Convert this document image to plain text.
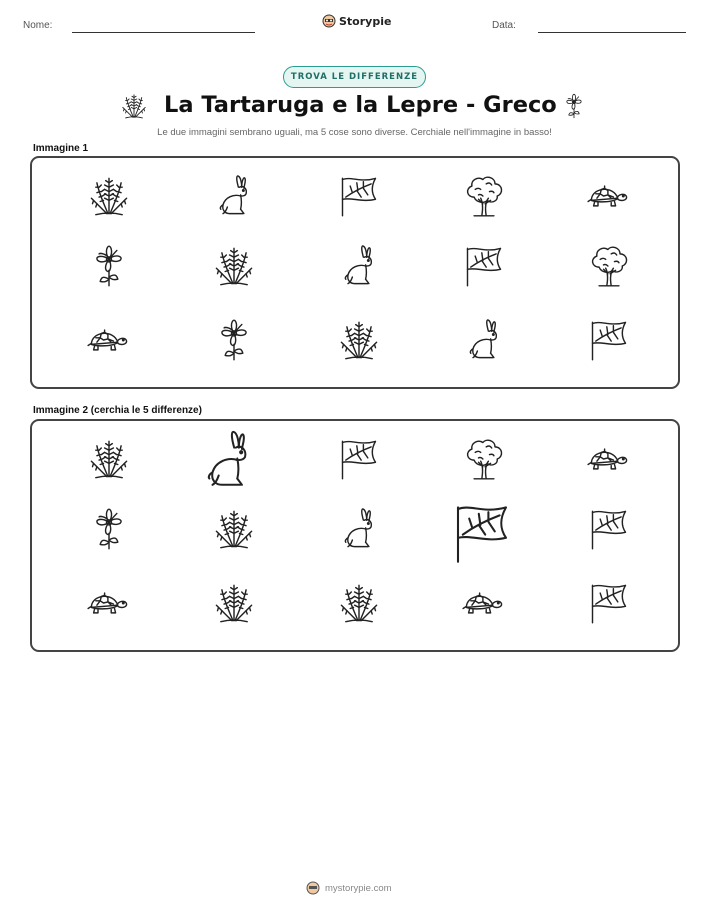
Nome:	Storypie	Data:
TROVA LE DIFFERENZE
La Tartaruga e la Lepre - Greco
Le due immagini sembrano uguali, ma 5 cose sono diverse. Cerchiale nell'immagine in basso!
Immagine 1
Immagine 2 (cerchia le 5 differenze)
mystorypie.com
